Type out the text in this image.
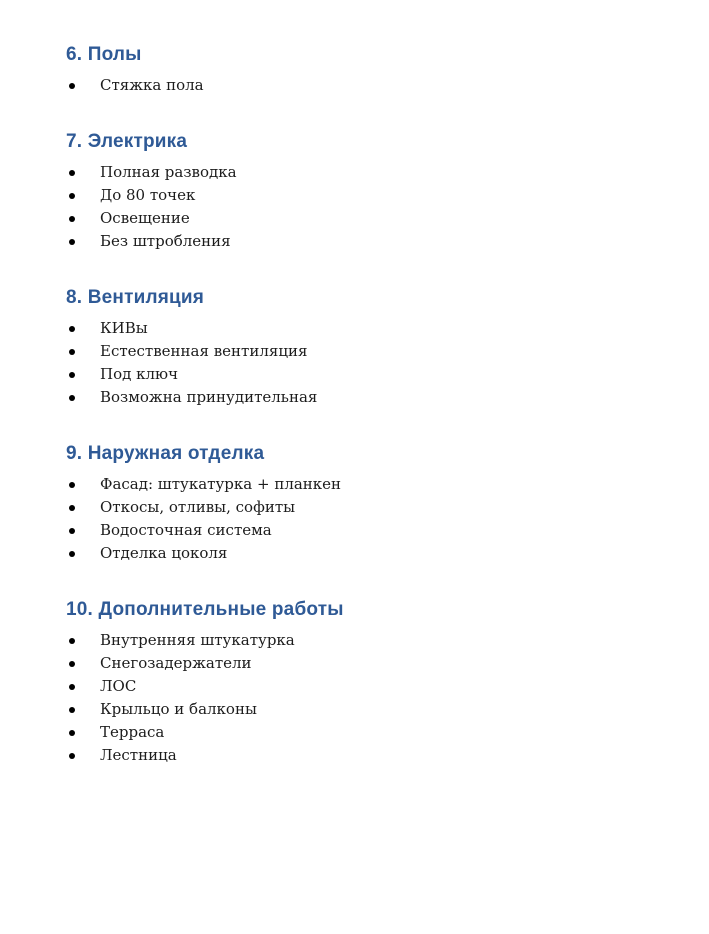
6. Полы
Стяжка пола
7. Электрика
Полная разводка
До 80 точек
Освещение
Без штробления
8. Вентиляция
КИВы
Естественная вентиляция
Под ключ
Возможна принудительная
9. Наружная отделка
Фасад: штукатурка + планкен
Откосы, отливы, софиты
Водосточная система
Отделка цоколя
10. Дополнительные работы
Внутренняя штукатурка
Снегозадержатели
ЛОС
Крыльцо и балконы
Терраса
Лестница
